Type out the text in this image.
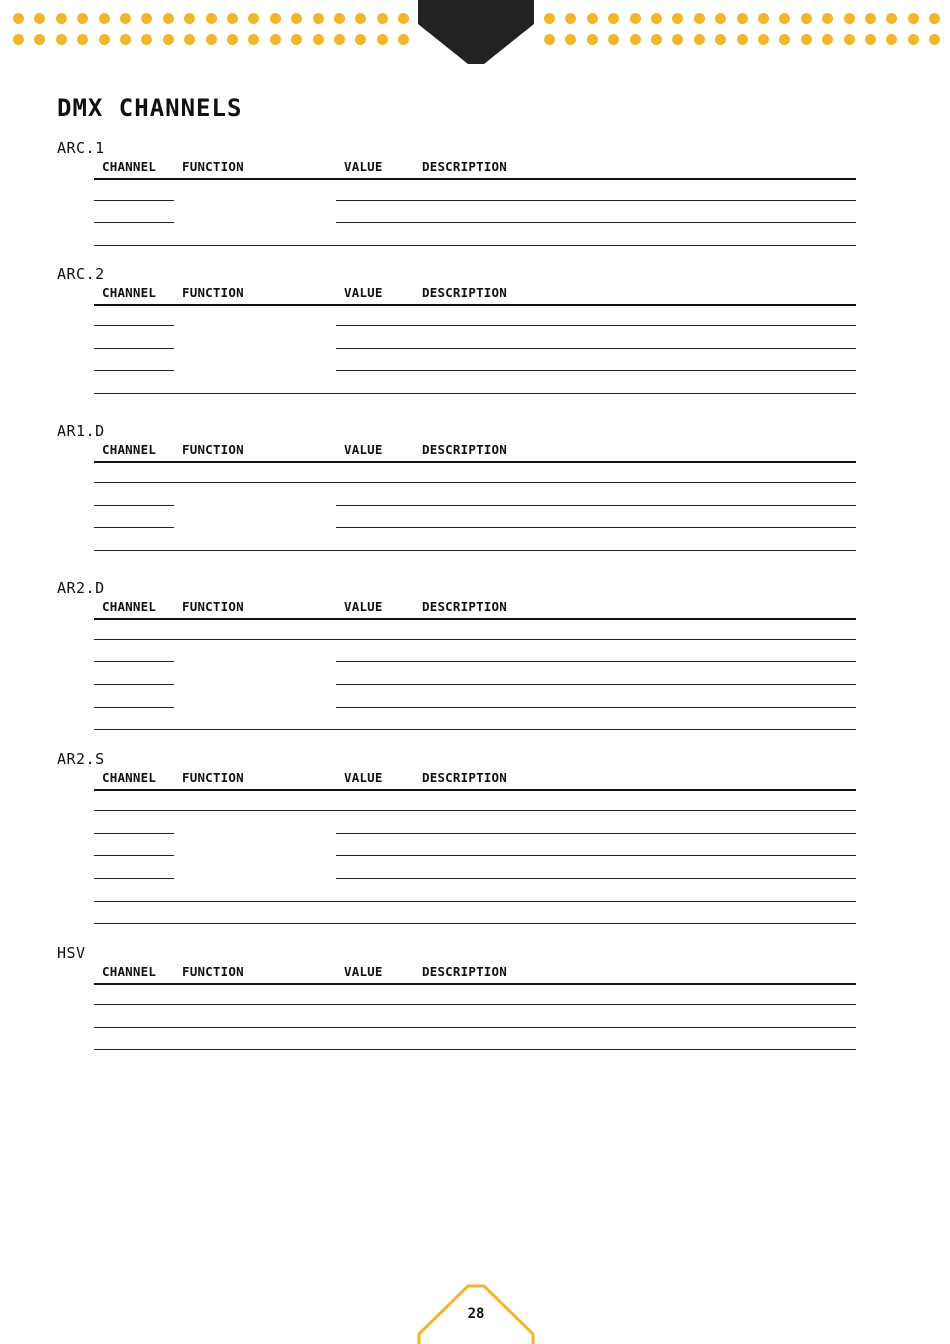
DMX CHANNELS
ARC.1
CHANNEL FUNCTION	VALUE	DESCRIPTION
ARC.2
CHANNEL FUNCTION	VALUE	DESCRIPTION
AR1.D
CHANNEL FUNCTION	VALUE	DESCRIPTION
AR2.D
CHANNEL FUNCTION	VALUE	DESCRIPTION
AR2.S
CHANNEL FUNCTION	VALUE	DESCRIPTION
HSV
CHANNEL FUNCTION	VALUE	DESCRIPTION
28
